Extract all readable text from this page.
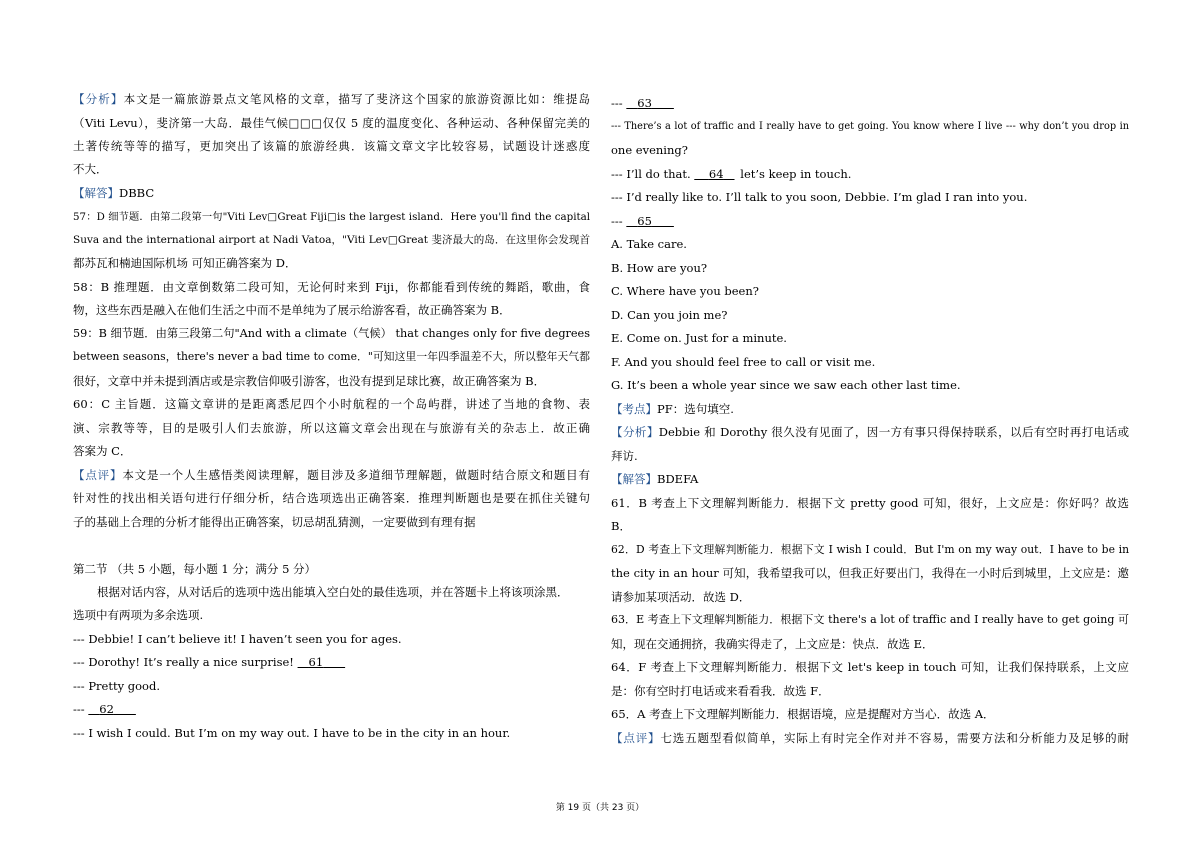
【分析】本文是一篇旅游景点文笔风格的文章，描写了斐济这个国家的旅游资源比如：维提岛
（Viti Levu），斐济第一大岛．最佳气候□□□仅仅 5 度的温度变化、各种运动、各种保留完美的
土著传统等等的描写，更加突出了该篇的旅游经典．该篇文章文字比较容易，试题设计迷惑度
不大．
【解答】DBBC
57：D 细节题．由第二段第一句"Viti Lev□Great Fiji□is the largest island．Here you'll find the capital
Suva and the international airport at Nadi Vatoa，"Viti Lev□Great 斐济最大的岛．在这里你会发现首
都苏瓦和楠迪国际机场 可知正确答案为 D．
58：B 推理题．由文章倒数第二段可知，无论何时来到 Fiji，你都能看到传统的舞蹈，歌曲，食
物，这些东西是融入在他们生活之中而不是单纯为了展示给游客看，故正确答案为 B．
59：B 细节题．由第三段第二句"And with a climate（气候） that changes only for five degrees
between seasons，there's never a bad time to come．"可知这里一年四季温差不大，所以整年天气都
很好，文章中并未提到酒店或是宗教信仰吸引游客，也没有提到足球比赛，故正确答案为 B．
60：C 主旨题．这篇文章讲的是距离悉尼四个小时航程的一个岛屿群，讲述了当地的食物、表
演、宗教等等，目的是吸引人们去旅游，所以这篇文章会出现在与旅游有关的杂志上．故正确
答案为 C．
【点评】本文是一个人生感悟类阅读理解，题目涉及多道细节理解题，做题时结合原文和题目有
针对性的找出相关语句进行仔细分析，结合选项选出正确答案．推理判断题也是要在抓住关键句
子的基础上合理的分析才能得出正确答案，切忌胡乱猜测，一定要做到有理有据
第二节 （共 5 小题，每小题 1 分；满分 5 分）
根据对话内容，从对话后的选项中选出能填入空白处的最佳选项，并在答题卡上将该项涂黑．
选项中有两项为多余选项.
--- Debbie! I can’t believe it! I haven’t seen you for ages.
--- Dorothy! It’s really a nice surprise!    61
--- Pretty good.
---    62
--- I wish I could. But I’m on my way out. I have to be in the city in an hour.
---    63
--- There’s a lot of traffic and I really have to get going. You know where I live --- why don’t you drop in
one evening?
--- I’ll do that.     64 let’s keep in touch.
--- I’d really like to. I’ll talk to you soon, Debbie. I’m glad I ran into you.
---    65
A. Take care.
B. How are you?
C. Where have you been?
D. Can you join me?
E. Come on. Just for a minute.
F. And you should feel free to call or visit me.
G. It’s been a whole year since we saw each other last time.
【考点】PF：选句填空.
【分析】Debbie 和 Dorothy 很久没有见面了，因一方有事只得保持联系，以后有空时再打电话或
拜访.
【解答】BDEFA
61．B 考查上下文理解判断能力．根据下文 pretty good 可知，很好，上文应是：你好吗？故选
B．
62．D 考查上下文理解判断能力．根据下文 I wish I could．But I'm on my way out．I have to be in
the city in an hour 可知，我希望我可以，但我正好要出门，我得在一小时后到城里，上文应是：邀
请参加某项活动．故选 D．
63．E 考查上下文理解判断能力．根据下文 there's a lot of traffic and I really have to get going 可
知，现在交通拥挤，我确实得走了，上文应是：快点．故选 E．
64．F 考查上下文理解判断能力．根据下文 let's keep in touch 可知，让我们保持联系，上文应
是：你有空时打电话或来看看我．故选 F．
65．A 考查上下文理解判断能力．根据语境，应是提醒对方当心．故选 A．
【点评】七选五题型看似简单，实际上有时完全作对并不容易，需要方法和分析能力及足够的耐
第 19 页（共 23 页）
